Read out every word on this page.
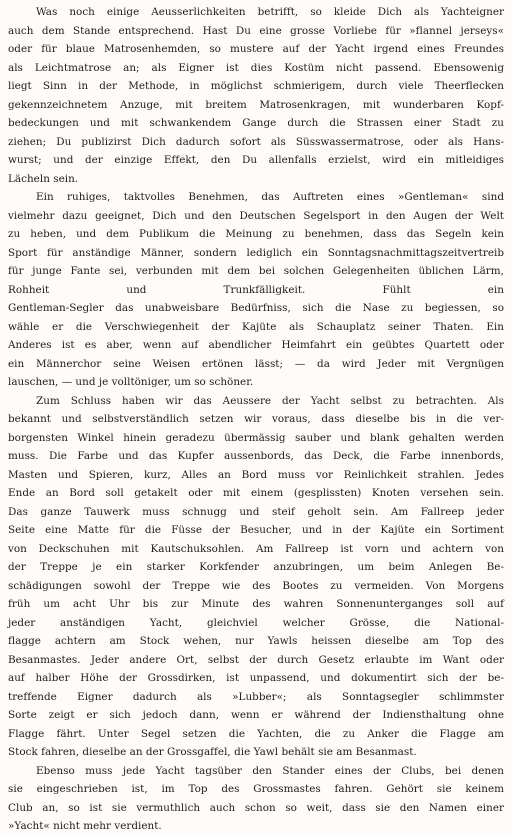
Was noch einige Aeusserlichkeiten betrifft, so kleide Dich als Yachteigner
auch dem Stande entsprechend. Hast Du eine grosse Vorliebe für »flannel jerseys«
oder für blaue Matrosenhemden, so mustere auf der Yacht irgend eines Freundes
als Leichtmatrose an; als Eigner ist dies Kostüm nicht passend. Ebensowenig
liegt Sinn in der Methode, in möglichst schmierigem, durch viele Theerflecken
gekennzeichnetem Anzuge, mit breitem Matrosenkragen, mit wunderbaren Kopf-
bedeckungen und mit schwankendem Gange durch die Strassen einer Stadt zu
ziehen; Du publizirst Dich dadurch sofort als Süsswassermatrose, oder als Hans-
wurst; und der einzige Effekt, den Du allenfalls erzielst, wird ein mitleidiges
Lächeln sein.
Ein ruhiges, taktvolles Benehmen, das Auftreten eines »Gentleman« sind
vielmehr dazu geeignet, Dich und den Deutschen Segelsport in den Augen der Welt
zu heben, und dem Publikum die Meinung zu benehmen, dass das Segeln kein
Sport für anständige Männer, sondern lediglich ein Sonntagsnachmittagszeitvertreib
für junge Fante sei, verbunden mit dem bei solchen Gelegenheiten üblichen Lärm,
Rohheit und Trunkfälligkeit. Fühlt ein
Gentleman-Segler das unabweisbare Bedürfniss, sich die Nase zu begiessen, so
wähle er die Verschwiegenheit der Kajüte als Schauplatz seiner Thaten. Ein
Anderes ist es aber, wenn auf abendlicher Heimfahrt ein geübtes Quartett oder
ein Männerchor seine Weisen ertönen lässt; — da wird Jeder mit Vergnügen
lauschen, — und je volltöniger, um so schöner.
Zum Schluss haben wir das Aeussere der Yacht selbst zu betrachten. Als
bekannt und selbstverständlich setzen wir voraus, dass dieselbe bis in die ver-
borgensten Winkel hinein geradezu übermässig sauber und blank gehalten werden
muss. Die Farbe und das Kupfer aussenbords, das Deck, die Farbe innenbords,
Masten und Spieren, kurz, Alles an Bord muss vor Reinlichkeit strahlen. Jedes
Ende an Bord soll getakelt oder mit einem (gesplissten) Knoten versehen sein.
Das ganze Tauwerk muss schnugg und steif geholt sein. Am Fallreep jeder
Seite eine Matte für die Füsse der Besucher, und in der Kajüte ein Sortiment
von Deckschuhen mit Kautschuksohlen. Am Fallreep ist vorn und achtern von
der Treppe je ein starker Korkfender anzubringen, um beim Anlegen Be-
schädigungen sowohl der Treppe wie des Bootes zu vermeiden. Von Morgens
früh um acht Uhr bis zur Minute des wahren Sonnenunterganges soll auf
jeder anständigen Yacht, gleichviel welcher Grösse, die National-
flagge achtern am Stock wehen, nur Yawls heissen dieselbe am Top des
Besanmastes. Jeder andere Ort, selbst der durch Gesetz erlaubte im Want oder
auf halber Höhe der Grossdirken, ist unpassend, und dokumentirt sich der be-
treffende Eigner dadurch als »Lubber«; als Sonntagsegler schlimmster
Sorte zeigt er sich jedoch dann, wenn er während der Indiensthaltung ohne
Flagge fährt. Unter Segel setzen die Yachten, die zu Anker die Flagge am
Stock fahren, dieselbe an der Grossgaffel, die Yawl behält sie am Besanmast.
Ebenso muss jede Yacht tagsüber den Stander eines der Clubs, bei denen
sie eingeschrieben ist, im Top des Grossmastes fahren. Gehört sie keinem
Club an, so ist sie vermuthlich auch schon so weit, dass sie den Namen einer
»Yacht« nicht mehr verdient.
